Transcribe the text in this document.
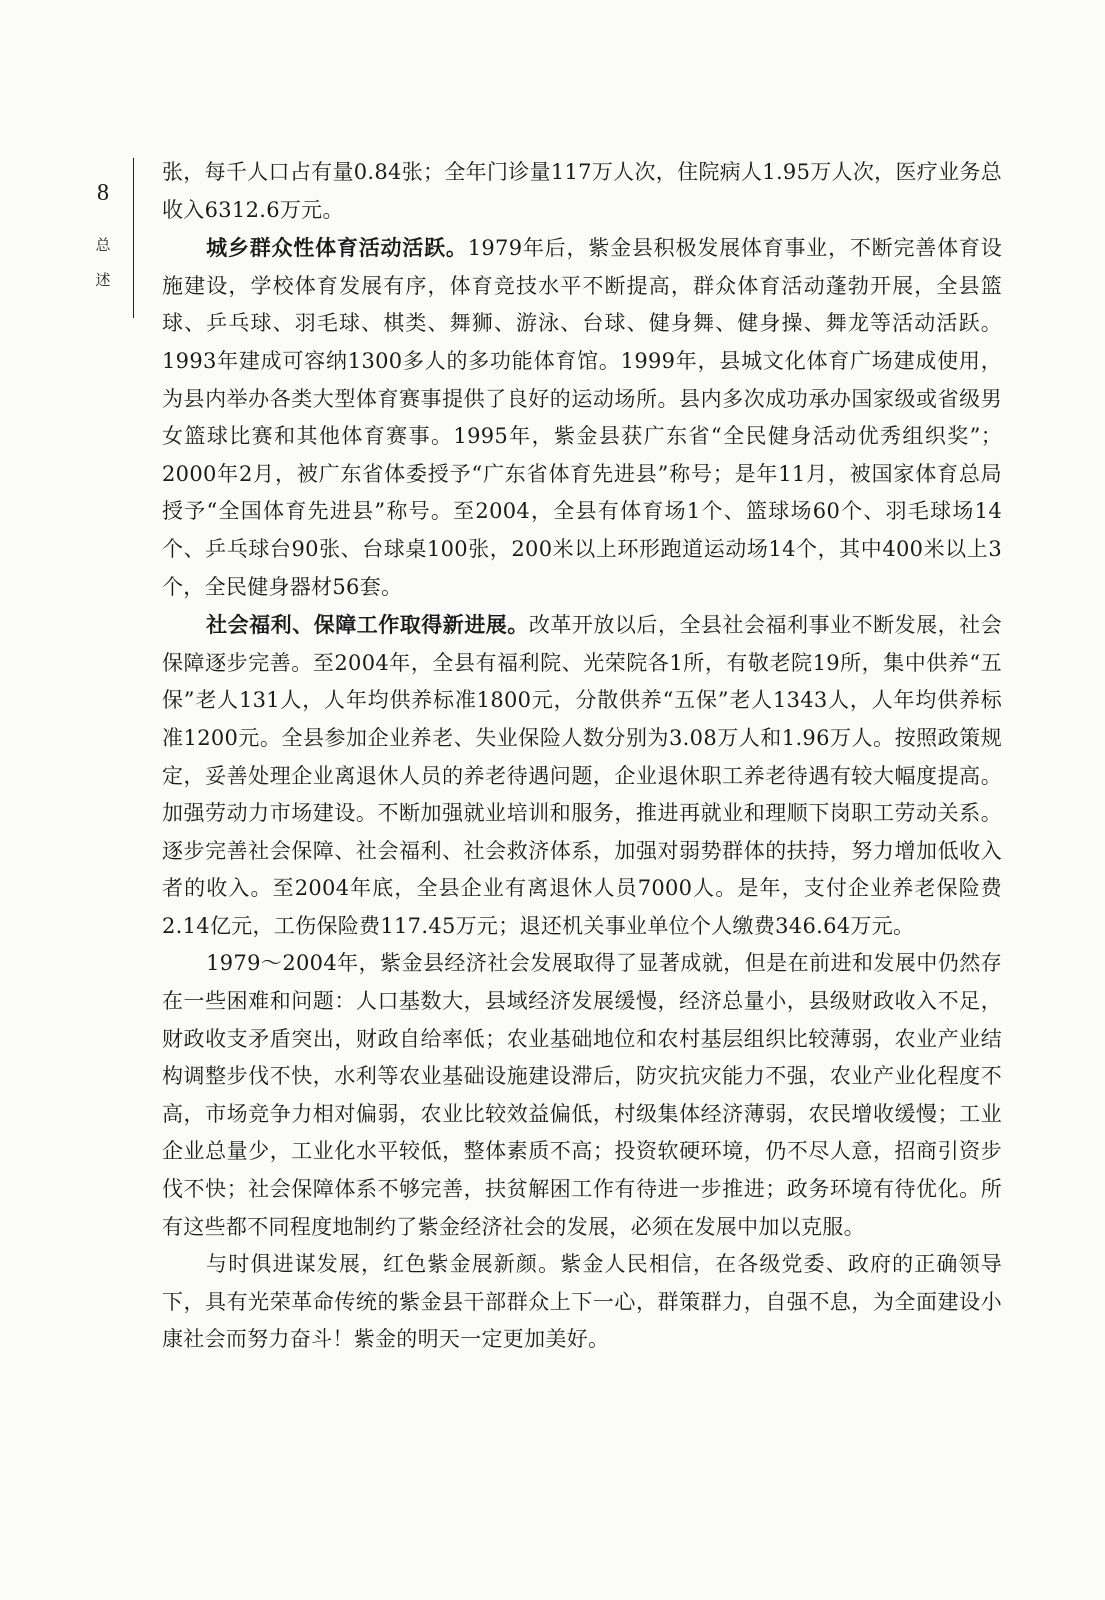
8
总
述

张，每千人口占有量0.84张；全年门诊量117万人次，住院病人1.95万人次，医疗业务总收入6312.6万元。

城乡群众性体育活动活跃。1979年后，紫金县积极发展体育事业，不断完善体育设施建设，学校体育发展有序，体育竞技水平不断提高，群众体育活动蓬勃开展，全县篮球、乒乓球、羽毛球、棋类、舞狮、游泳、台球、健身舞、健身操、舞龙等活动活跃。1993年建成可容纳1300多人的多功能体育馆。1999年，县城文化体育广场建成使用，为县内举办各类大型体育赛事提供了良好的运动场所。县内多次成功承办国家级或省级男女篮球比赛和其他体育赛事。1995年，紫金县获广东省“全民健身活动优秀组织奖”；2000年2月，被广东省体委授予“广东省体育先进县”称号；是年11月，被国家体育总局授予“全国体育先进县”称号。至2004，全县有体育场1个、篮球场60个、羽毛球场14个、乒乓球台90张、台球桌100张，200米以上环形跑道运动场14个，其中400米以上3个，全民健身器材56套。

社会福利、保障工作取得新进展。改革开放以后，全县社会福利事业不断发展，社会保障逐步完善。至2004年，全县有福利院、光荣院各1所，有敬老院19所，集中供养“五保”老人131人，人年均供养标准1800元，分散供养“五保”老人1343人，人年均供养标准1200元。全县参加企业养老、失业保险人数分别为3.08万人和1.96万人。按照政策规定，妥善处理企业离退休人员的养老待遇问题，企业退休职工养老待遇有较大幅度提高。加强劳动力市场建设。不断加强就业培训和服务，推进再就业和理顺下岗职工劳动关系。逐步完善社会保障、社会福利、社会救济体系，加强对弱势群体的扶持，努力增加低收入者的收入。至2004年底，全县企业有离退休人员7000人。是年，支付企业养老保险费2.14亿元，工伤保险费117.45万元；退还机关事业单位个人缴费346.64万元。

1979～2004年，紫金县经济社会发展取得了显著成就，但是在前进和发展中仍然存在一些困难和问题：人口基数大，县域经济发展缓慢，经济总量小，县级财政收入不足，财政收支矛盾突出，财政自给率低；农业基础地位和农村基层组织比较薄弱，农业产业结构调整步伐不快，水利等农业基础设施建设滞后，防灾抗灾能力不强，农业产业化程度不高，市场竞争力相对偏弱，农业比较效益偏低，村级集体经济薄弱，农民增收缓慢；工业企业总量少，工业化水平较低，整体素质不高；投资软硬环境，仍不尽人意，招商引资步伐不快；社会保障体系不够完善，扶贫解困工作有待进一步推进；政务环境有待优化。所有这些都不同程度地制约了紫金经济社会的发展，必须在发展中加以克服。

与时俱进谋发展，红色紫金展新颜。紫金人民相信，在各级党委、政府的正确领导下，具有光荣革命传统的紫金县干部群众上下一心，群策群力，自强不息，为全面建设小康社会而努力奋斗！紫金的明天一定更加美好。
